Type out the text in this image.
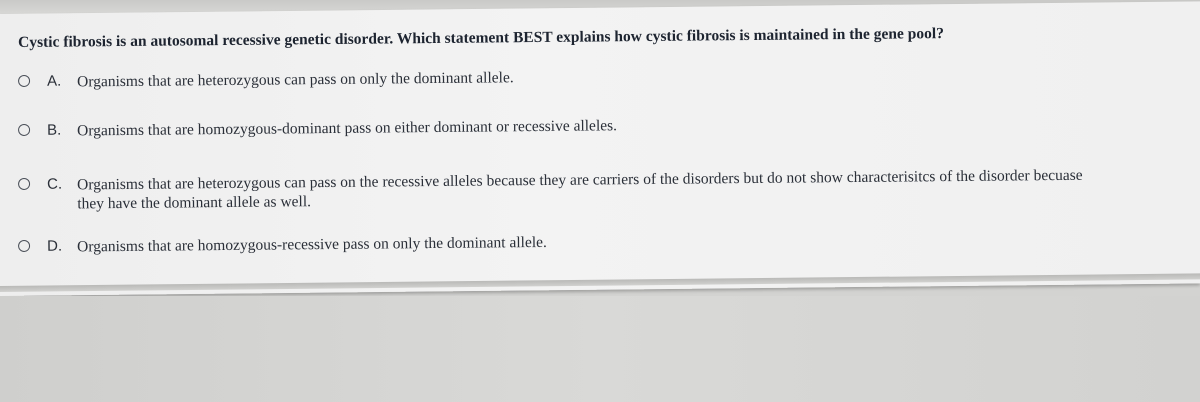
Cystic fibrosis is an autosomal recessive genetic disorder. Which statement BEST explains how cystic fibrosis is maintained in the gene pool?
A.	Organisms that are heterozygous can pass on only the dominant allele.
B.	Organisms that are homozygous-dominant pass on either dominant or recessive alleles.
C. Organisms that are heterozygous can pass on the recessive alleles because they are carriers of the disorders but do not show characterisitcs of the disorder becuase
they have the dominant allele as well.
D. Organisms that are homozygous-recessive pass on only the dominant allele.
